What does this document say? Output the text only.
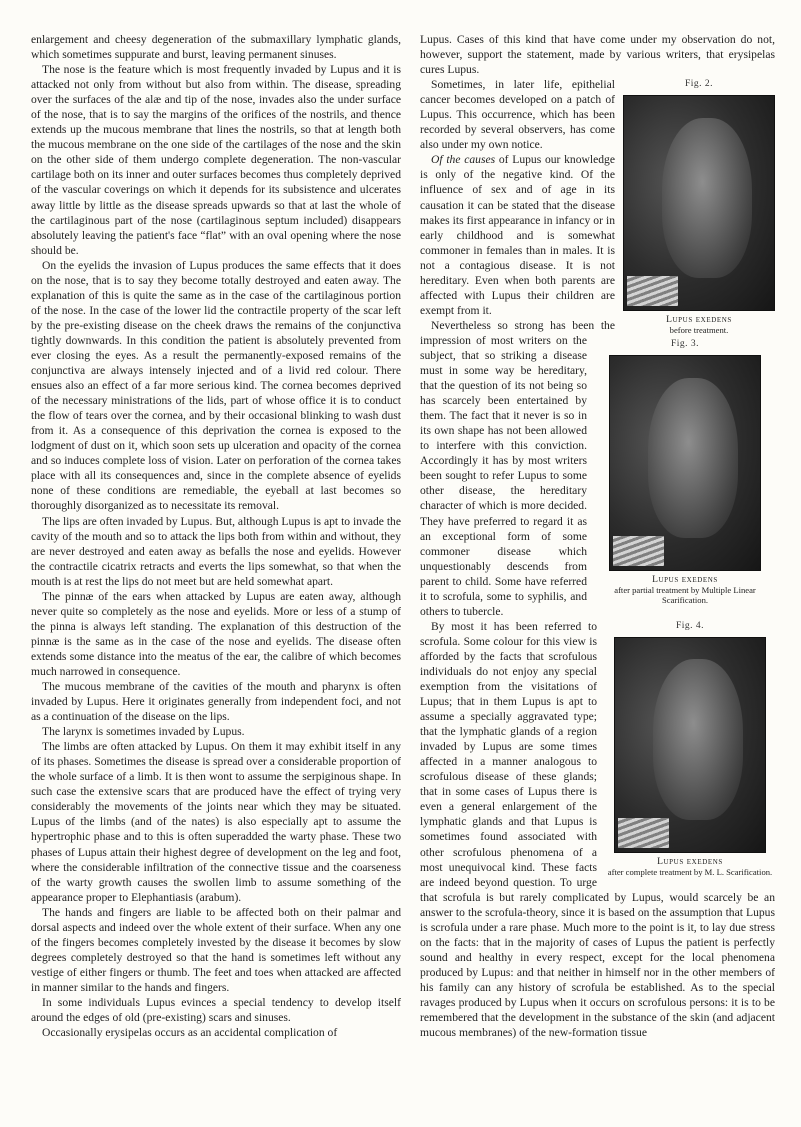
enlargement and cheesy degeneration of the submaxillary lymphatic glands, which sometimes suppurate and burst, leaving permanent sinuses.

The nose is the feature which is most frequently invaded by Lupus and it is attacked not only from without but also from within. The disease, spreading over the surfaces of the alæ and tip of the nose, invades also the under surface of the nose, that is to say the margins of the orifices of the nostrils, and thence extends up the mucous membrane that lines the nostrils, so that at length both the mucous membrane on the one side of the cartilages of the nose and the skin on the other side of them undergo complete degeneration. The non-vascular cartilage both on its inner and outer surfaces becomes thus completely deprived of the vascular coverings on which it depends for its subsistence and ulcerates away little by little as the disease spreads upwards so that at last the whole of the cartilaginous part of the nose (cartilaginous septum included) disappears absolutely leaving the patient's face “flat” with an oval opening where the nose should be.

On the eyelids the invasion of Lupus produces the same effects that it does on the nose, that is to say they become totally destroyed and eaten away. The explanation of this is quite the same as in the case of the cartilaginous portion of the nose. In the case of the lower lid the contractile property of the scar left by the pre-existing disease on the cheek draws the remains of the conjunctiva tightly downwards. In this condition the patient is absolutely prevented from ever closing the eyes. As a result the permanently-exposed remains of the conjunctiva are always intensely injected and of a livid red colour. There ensues also an effect of a far more serious kind. The cornea becomes deprived of the necessary ministrations of the lids, part of whose office it is to conduct the flow of tears over the cornea, and by their occasional blinking to wash dust from it. As a consequence of this deprivation the cornea is exposed to the lodgment of dust on it, which soon sets up ulceration and opacity of the cornea and so induces complete loss of vision. Later on perforation of the cornea takes place with all its consequences and, since in the complete absence of eyelids none of these conditions are remediable, the eyeball at last becomes so thoroughly disorganized as to necessitate its removal.

The lips are often invaded by Lupus. But, although Lupus is apt to invade the cavity of the mouth and so to attack the lips both from within and without, they are never destroyed and eaten away as befalls the nose and eyelids. However the contractile cicatrix retracts and everts the lips somewhat, so that when the mouth is at rest the lips do not meet but are held somewhat apart.

The pinnæ of the ears when attacked by Lupus are eaten away, although never quite so completely as the nose and eyelids. More or less of a stump of the pinna is always left standing. The explanation of this destruction of the pinnæ is the same as in the case of the nose and eyelids. The disease often extends some distance into the meatus of the ear, the calibre of which becomes much narrowed in consequence.

The mucous membrane of the cavities of the mouth and pharynx is often invaded by Lupus. Here it originates generally from independent foci, and not as a continuation of the disease on the lips.

The larynx is sometimes invaded by Lupus.

The limbs are often attacked by Lupus. On them it may exhibit itself in any of its phases. Sometimes the disease is spread over a considerable proportion of the whole surface of a limb. It is then wont to assume the serpiginous shape. In such case the extensive scars that are produced have the effect of trying very considerably the movements of the joints near which they may be situated. Lupus of the limbs (and of the nates) is also especially apt to assume the hypertrophic phase and to this is often superadded the warty phase. These two phases of Lupus attain their highest degree of development on the leg and foot, where the considerable infiltration of the connective tissue and the coarseness of the warty growth causes the swollen limb to assume something of the appearance proper to Elephantiasis (arabum).

The hands and fingers are liable to be affected both on their palmar and dorsal aspects and indeed over the whole extent of their surface. When any one of the fingers becomes completely invested by the disease it becomes by slow degrees completely destroyed so that the hand is sometimes left without any vestige of either fingers or thumb. The feet and toes when attacked are affected in manner similar to the hands and fingers.

In some individuals Lupus evinces a special tendency to develop itself around the edges of old (pre-existing) scars and sinuses.

Occasionally erysipelas occurs as an accidental complication of

Lupus. Cases of this kind that have come under my observation do not, however, support the statement, made by various writers, that erysipelas cures Lupus.

Fig. 2.
Lupus exedens
before treatment.

Sometimes, in later life, epithelial cancer becomes developed on a patch of Lupus. This occurrence, which has been recorded by several observers, has come also under my own notice.

Of the causes of Lupus our knowledge is only of the negative kind. Of the influence of sex and of age in its causation it can be stated that the disease makes its first appearance in infancy or in early childhood and is somewhat commoner in females than in males. It is not a contagious disease. It is not hereditary. Even when both parents are affected with Lupus their children are exempt from it.

Fig. 3.
Lupus exedens
after partial treatment by Multiple Linear Scarification.

Nevertheless so strong has been the impression of most writers on the subject, that so striking a disease must in some way be hereditary, that the question of its not being so has scarcely been entertained by them. The fact that it never is so in its own shape has not been allowed to interfere with this conviction. Accordingly it has by most writers been sought to refer Lupus to some other disease, the hereditary character of which is more decided. They have preferred to regard it as an exceptional form of some commoner disease which unquestionably descends from parent to child. Some have referred it to scrofula, some to syphilis, and others to tubercle.

Fig. 4.
Lupus exedens
after complete treatment by M. L. Scarification.

By most it has been referred to scrofula. Some colour for this view is afforded by the facts that scrofulous individuals do not enjoy any special exemption from the visitations of Lupus; that in them Lupus is apt to assume a specially aggravated type; that the lymphatic glands of a region invaded by Lupus are some times affected in a manner analogous to scrofulous disease of these glands; that in some cases of Lupus there is even a general enlargement of the lymphatic glands and that Lupus is sometimes found associated with other scrofulous phenomena of a most unequivocal kind. These facts are indeed beyond question. To urge that scrofula is but rarely complicated by Lupus, would scarcely be an answer to the scrofula-theory, since it is based on the assumption that Lupus is scrofula under a rare phase. Much more to the point is it, to lay due stress on the facts: that in the majority of cases of Lupus the patient is perfectly sound and healthy in every respect, except for the local phenomena produced by Lupus: and that neither in himself nor in the other members of his family can any history of scrofula be established. As to the special ravages produced by Lupus when it occurs on scrofulous persons: it is to be remembered that the development in the substance of the skin (and adjacent mucous membranes) of the new-formation tissue
